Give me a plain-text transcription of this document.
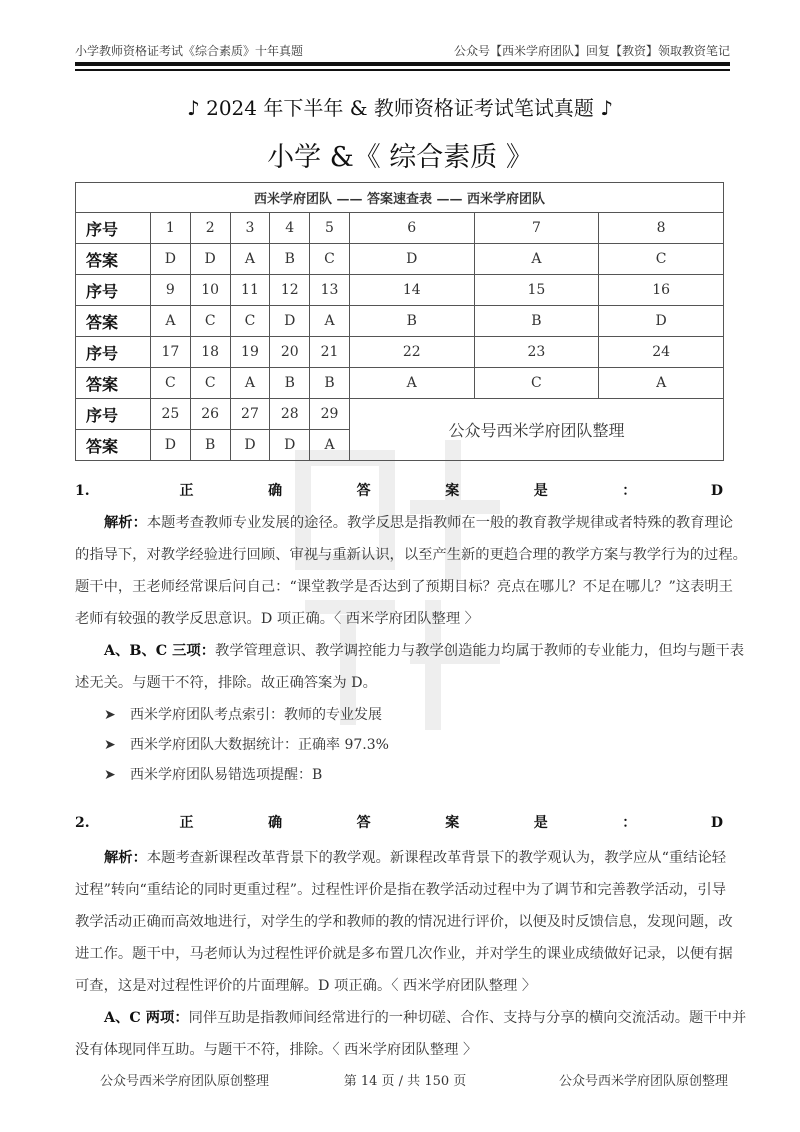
小学教师资格证考试《综合素质》十年真题	公众号【西米学府团队】回复【教资】领取教资笔记
♪ 2024 年下半年 & 教师资格证考试笔试真题 ♪
小学 &《 综合素质 》
西米学府团队 —— 答案速查表 —— 西米学府团队								
序号	1	2	3	4	5	6	7	8
答案	D	D	A	B	C	D	A	C
序号	9	10	11	12	13	14	15	16
答案	A	C	C	D	A	B	B	D
序号	17	18	19	20	21	22	23	24
答案	C	C	A	B	B	A	C	A
序号	25	26	27	28	29	公众号西米学府团队整理		
答案	D	B	D	D	A			
1. 正确答案是：D
解析：本题考查教师专业发展的途径。教学反思是指教师在一般的教育教学规律或者特殊的教育理论
的指导下，对教学经验进行回顾、审视与重新认识，以至产生新的更趋合理的教学方案与教学行为的过程。
题干中，王老师经常课后问自己：“课堂教学是否达到了预期目标？亮点在哪儿？不足在哪儿？”这表明王
老师有较强的教学反思意识。D 项正确。〈 西米学府团队整理 〉
A、B、C 三项：教学管理意识、教学调控能力与教学创造能力均属于教师的专业能力，但均与题干表
述无关。与题干不符，排除。故正确答案为 D。
➤ 西米学府团队考点索引：教师的专业发展
➤ 西米学府团队大数据统计：正确率 97.3%
➤ 西米学府团队易错选项提醒：B
2. 正确答案是：D
解析：本题考查新课程改革背景下的教学观。新课程改革背景下的教学观认为，教学应从“重结论轻
过程”转向“重结论的同时更重过程”。过程性评价是指在教学活动过程中为了调节和完善教学活动，引导
教学活动正确而高效地进行，对学生的学和教师的教的情况进行评价，以便及时反馈信息，发现问题，改
进工作。题干中，马老师认为过程性评价就是多布置几次作业，并对学生的课业成绩做好记录，以便有据
可查，这是对过程性评价的片面理解。D 项正确。〈 西米学府团队整理 〉
A、C 两项：同伴互助是指教师间经常进行的一种切磋、合作、支持与分享的横向交流活动。题干中并
没有体现同伴互助。与题干不符，排除。〈 西米学府团队整理 〉
公众号西米学府团队原创整理	第 14 页 / 共 150 页	公众号西米学府团队原创整理
